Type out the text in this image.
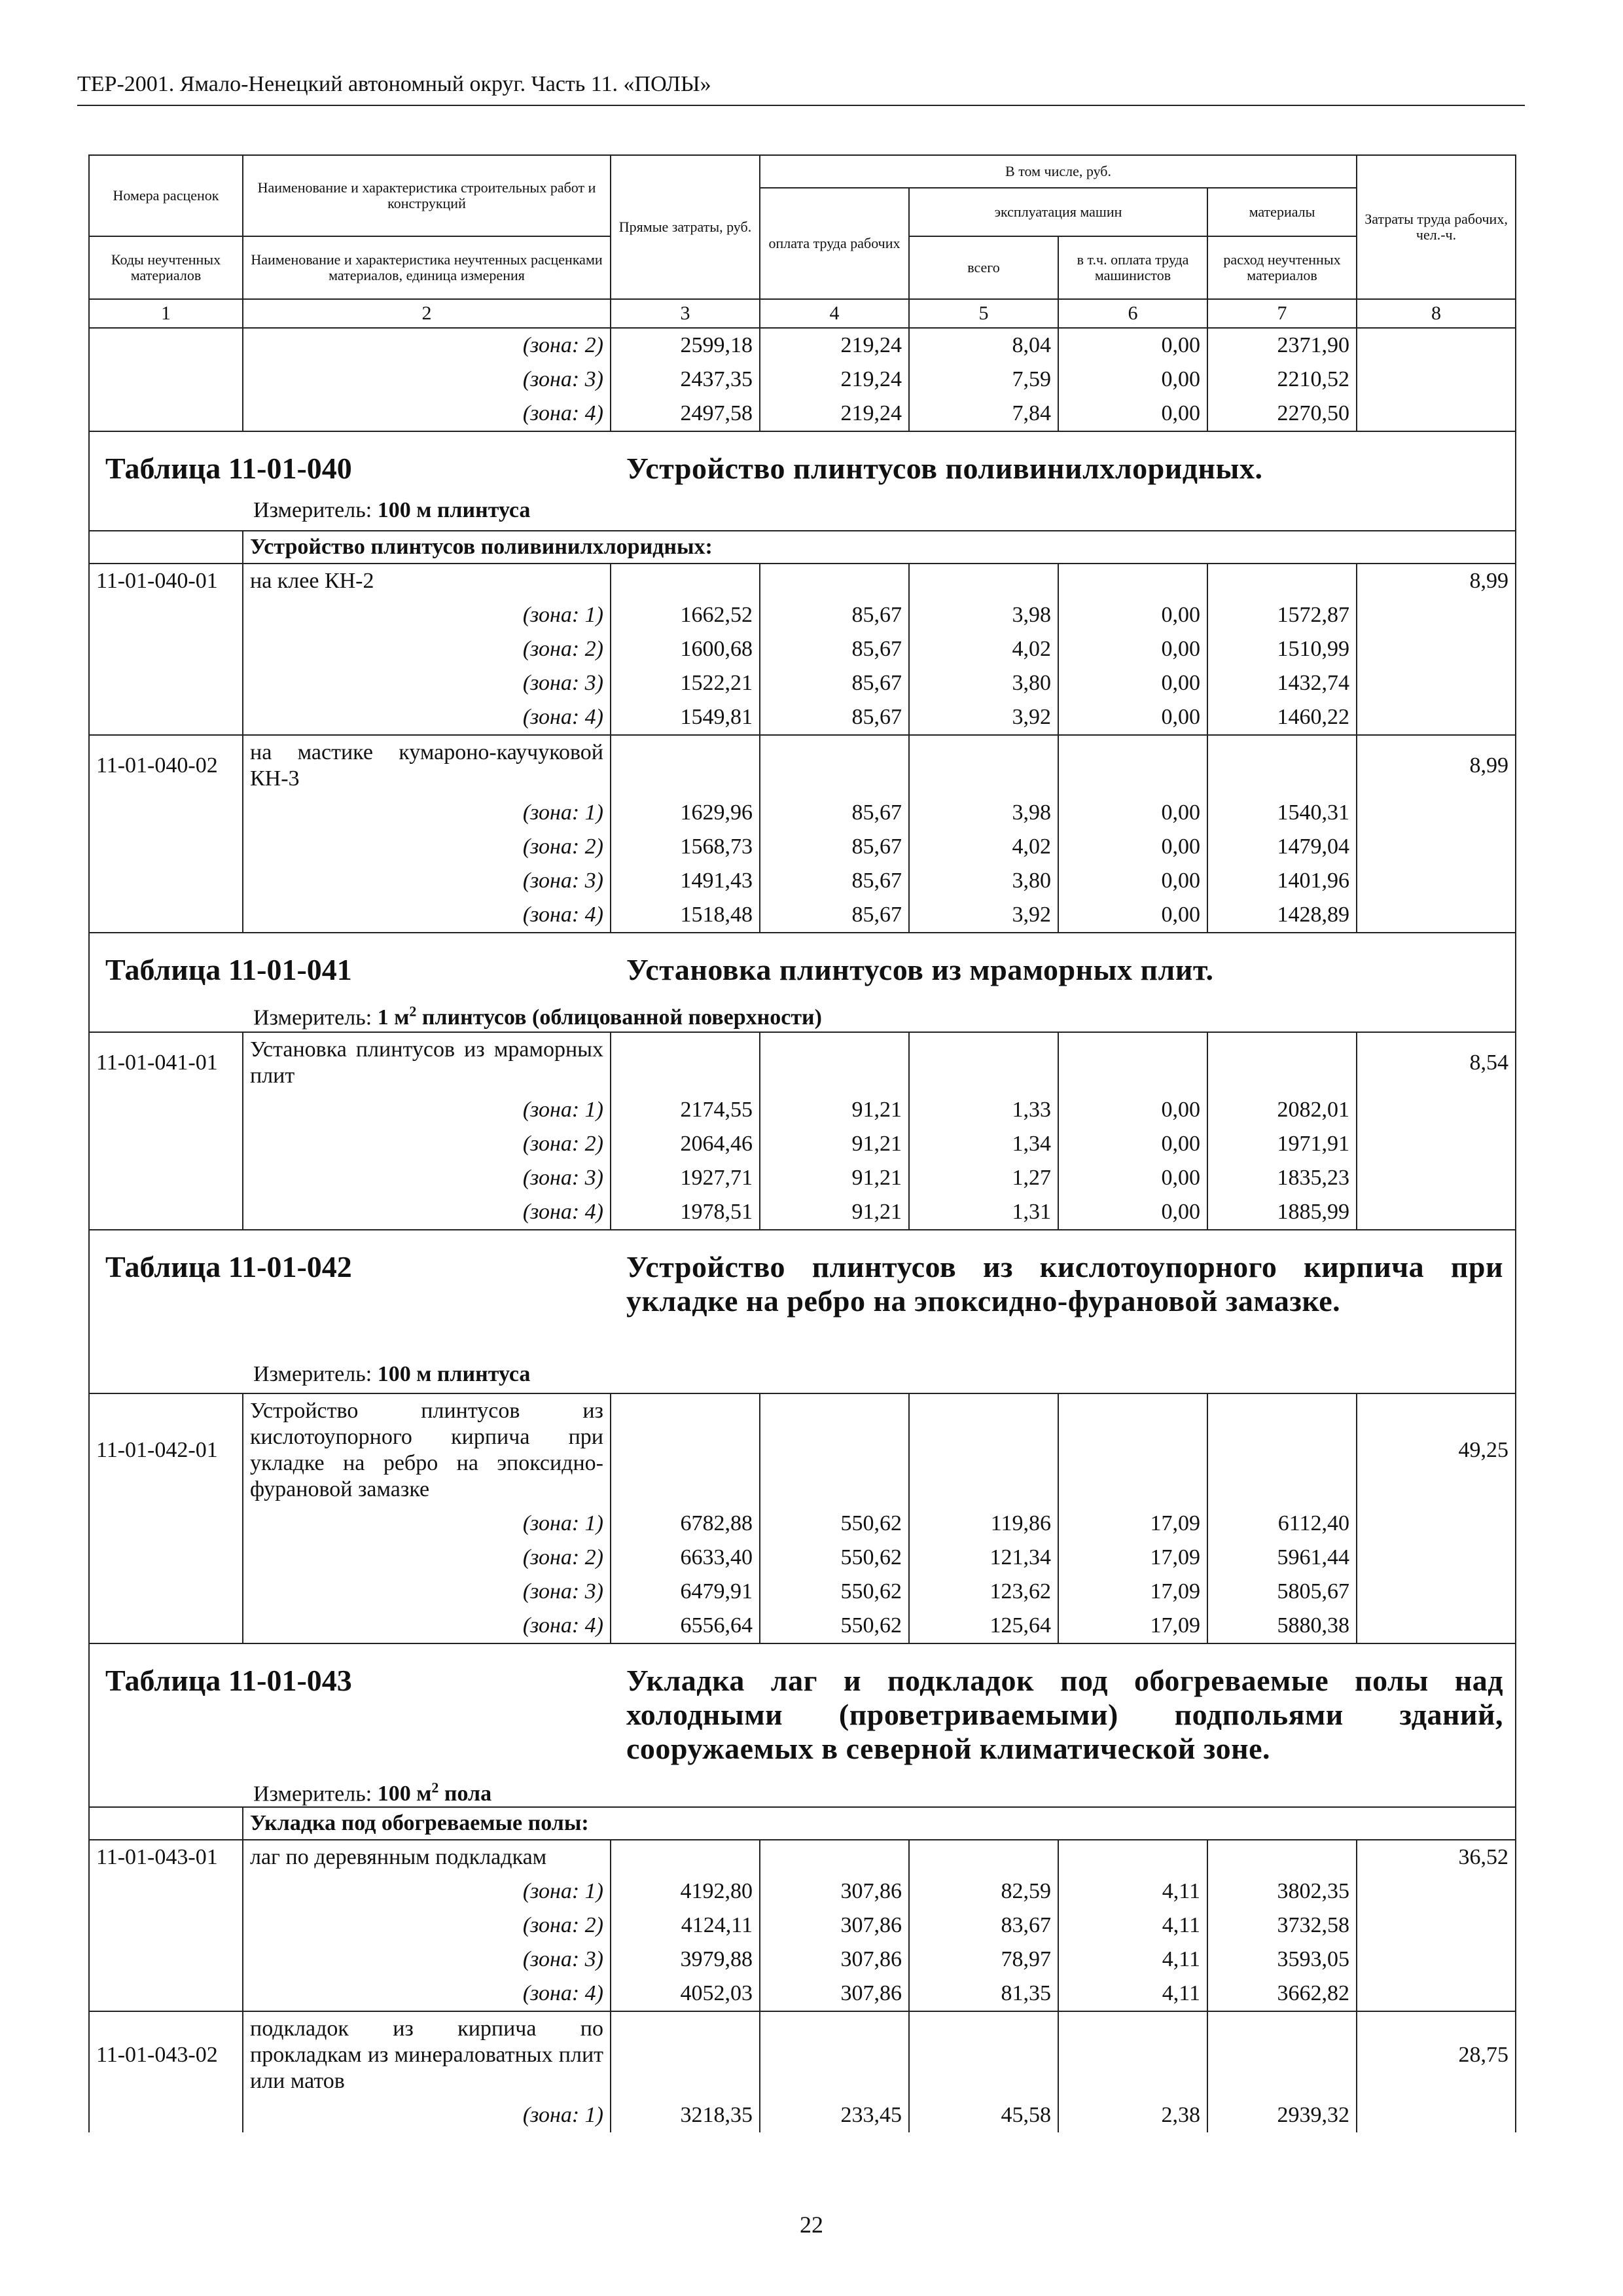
ТЕР-2001. Ямало-Ненецкий автономный округ. Часть 11. «ПОЛЫ»
Номера расценок	Наименование и характеристика строительных работ и конструкций	Прямые затраты, руб.	В том числе, руб.				Затраты труда рабочих, чел.-ч.
			оплата труда рабочих	эксплуатация машин		материалы	
Коды неучтенных материалов	Наименование и характеристика неучтенных расценками материалов, единица измерения			всего	в т.ч. оплата труда машинистов	расход неучтенных материалов	
1	2	3	4	5	6	7	8
	(зона: 2)	2599,18	219,24	8,04	0,00	2371,90	
	(зона: 3)	2437,35	219,24	7,59	0,00	2210,52	
	(зона: 4)	2497,58	219,24	7,84	0,00	2270,50	

Таблица 11-01-040 Устройство плинтусов поливинилхлоридных.
Измеритель: 100 м плинтуса							

	Устройство плинтусов поливинилхлоридных:						
11-01-040-01	на клее КН-2						8,99
	(зона: 1)	1662,52	85,67	3,98	0,00	1572,87	
	(зона: 2)	1600,68	85,67	4,02	0,00	1510,99	
	(зона: 3)	1522,21	85,67	3,80	0,00	1432,74	
	(зона: 4)	1549,81	85,67	3,92	0,00	1460,22	
11-01-040-02	на мастике кумароно-каучуковой КН-3						8,99
	(зона: 1)	1629,96	85,67	3,98	0,00	1540,31	
	(зона: 2)	1568,73	85,67	4,02	0,00	1479,04	
	(зона: 3)	1491,43	85,67	3,80	0,00	1401,96	
	(зона: 4)	1518,48	85,67	3,92	0,00	1428,89	

Таблица 11-01-041 Установка плинтусов из мраморных плит.
Измеритель: 1 $м^2$ плинтусов (облицованной поверхности)							

11-01-041-01	Установка плинтусов из мраморных плит						8,54
	(зона: 1)	2174,55	91,21	1,33	0,00	2082,01	
	(зона: 2)	2064,46	91,21	1,34	0,00	1971,91	
	(зона: 3)	1927,71	91,21	1,27	0,00	1835,23	
	(зона: 4)	1978,51	91,21	1,31	0,00	1885,99	

Таблица 11-01-042 Устройство плинтусов из кислотоупорного кирпича при укладке на ребро на эпоксидно-фурановой замазке.
Измеритель: 100 м плинтуса							

11-01-042-01	Устройство плинтусов из кислотоупорного кирпича при укладке на ребро на эпоксидно-фурановой замазке						49,25
	(зона: 1)	6782,88	550,62	119,86	17,09	6112,40	
	(зона: 2)	6633,40	550,62	121,34	17,09	5961,44	
	(зона: 3)	6479,91	550,62	123,62	17,09	5805,67	
	(зона: 4)	6556,64	550,62	125,64	17,09	5880,38	

Таблица 11-01-043 Укладка лаг и подкладок под обогреваемые полы над холодными (проветриваемыми) подпольями зданий, сооружаемых в северной климатической зоне.
Измеритель: 100 $м^2$ пола							

	Укладка под обогреваемые полы:						
11-01-043-01	лаг по деревянным подкладкам						36,52
	(зона: 1)	4192,80	307,86	82,59	4,11	3802,35	
	(зона: 2)	4124,11	307,86	83,67	4,11	3732,58	
	(зона: 3)	3979,88	307,86	78,97	4,11	3593,05	
	(зона: 4)	4052,03	307,86	81,35	4,11	3662,82	
11-01-043-02	подкладок из кирпича по прокладкам из минераловатных плит или матов						28,75
	(зона: 1)	3218,35	233,45	45,58	2,38	2939,32	
22
